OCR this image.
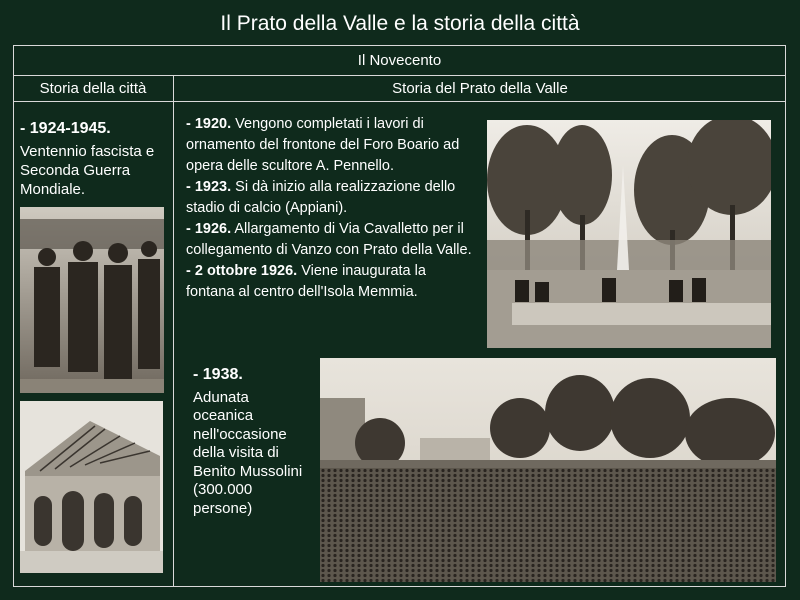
Il Prato della Valle e la storia della città
Il Novecento
Storia della città	Storia del Prato della Valle
- 1924-1945.
Ventennio fascista e Seconda Guerra Mondiale.

- 1920. Vengono completati i lavori di ornamento del frontone del Foro Boario ad opera delle scultore A. Pennello.

- 1923. Si dà inizio alla realizzazione dello stadio di calcio (Appiani).

- 1926. Allargamento di Via Cavalletto per il collegamento di Vanzo con Prato della Valle.

- 2 ottobre 1926. Viene inaugurata la fontana al centro dell'Isola Memmia.

- 1938.
Adunata oceanica nell'occasione della visita di Benito Mussolini (300.000 persone)
